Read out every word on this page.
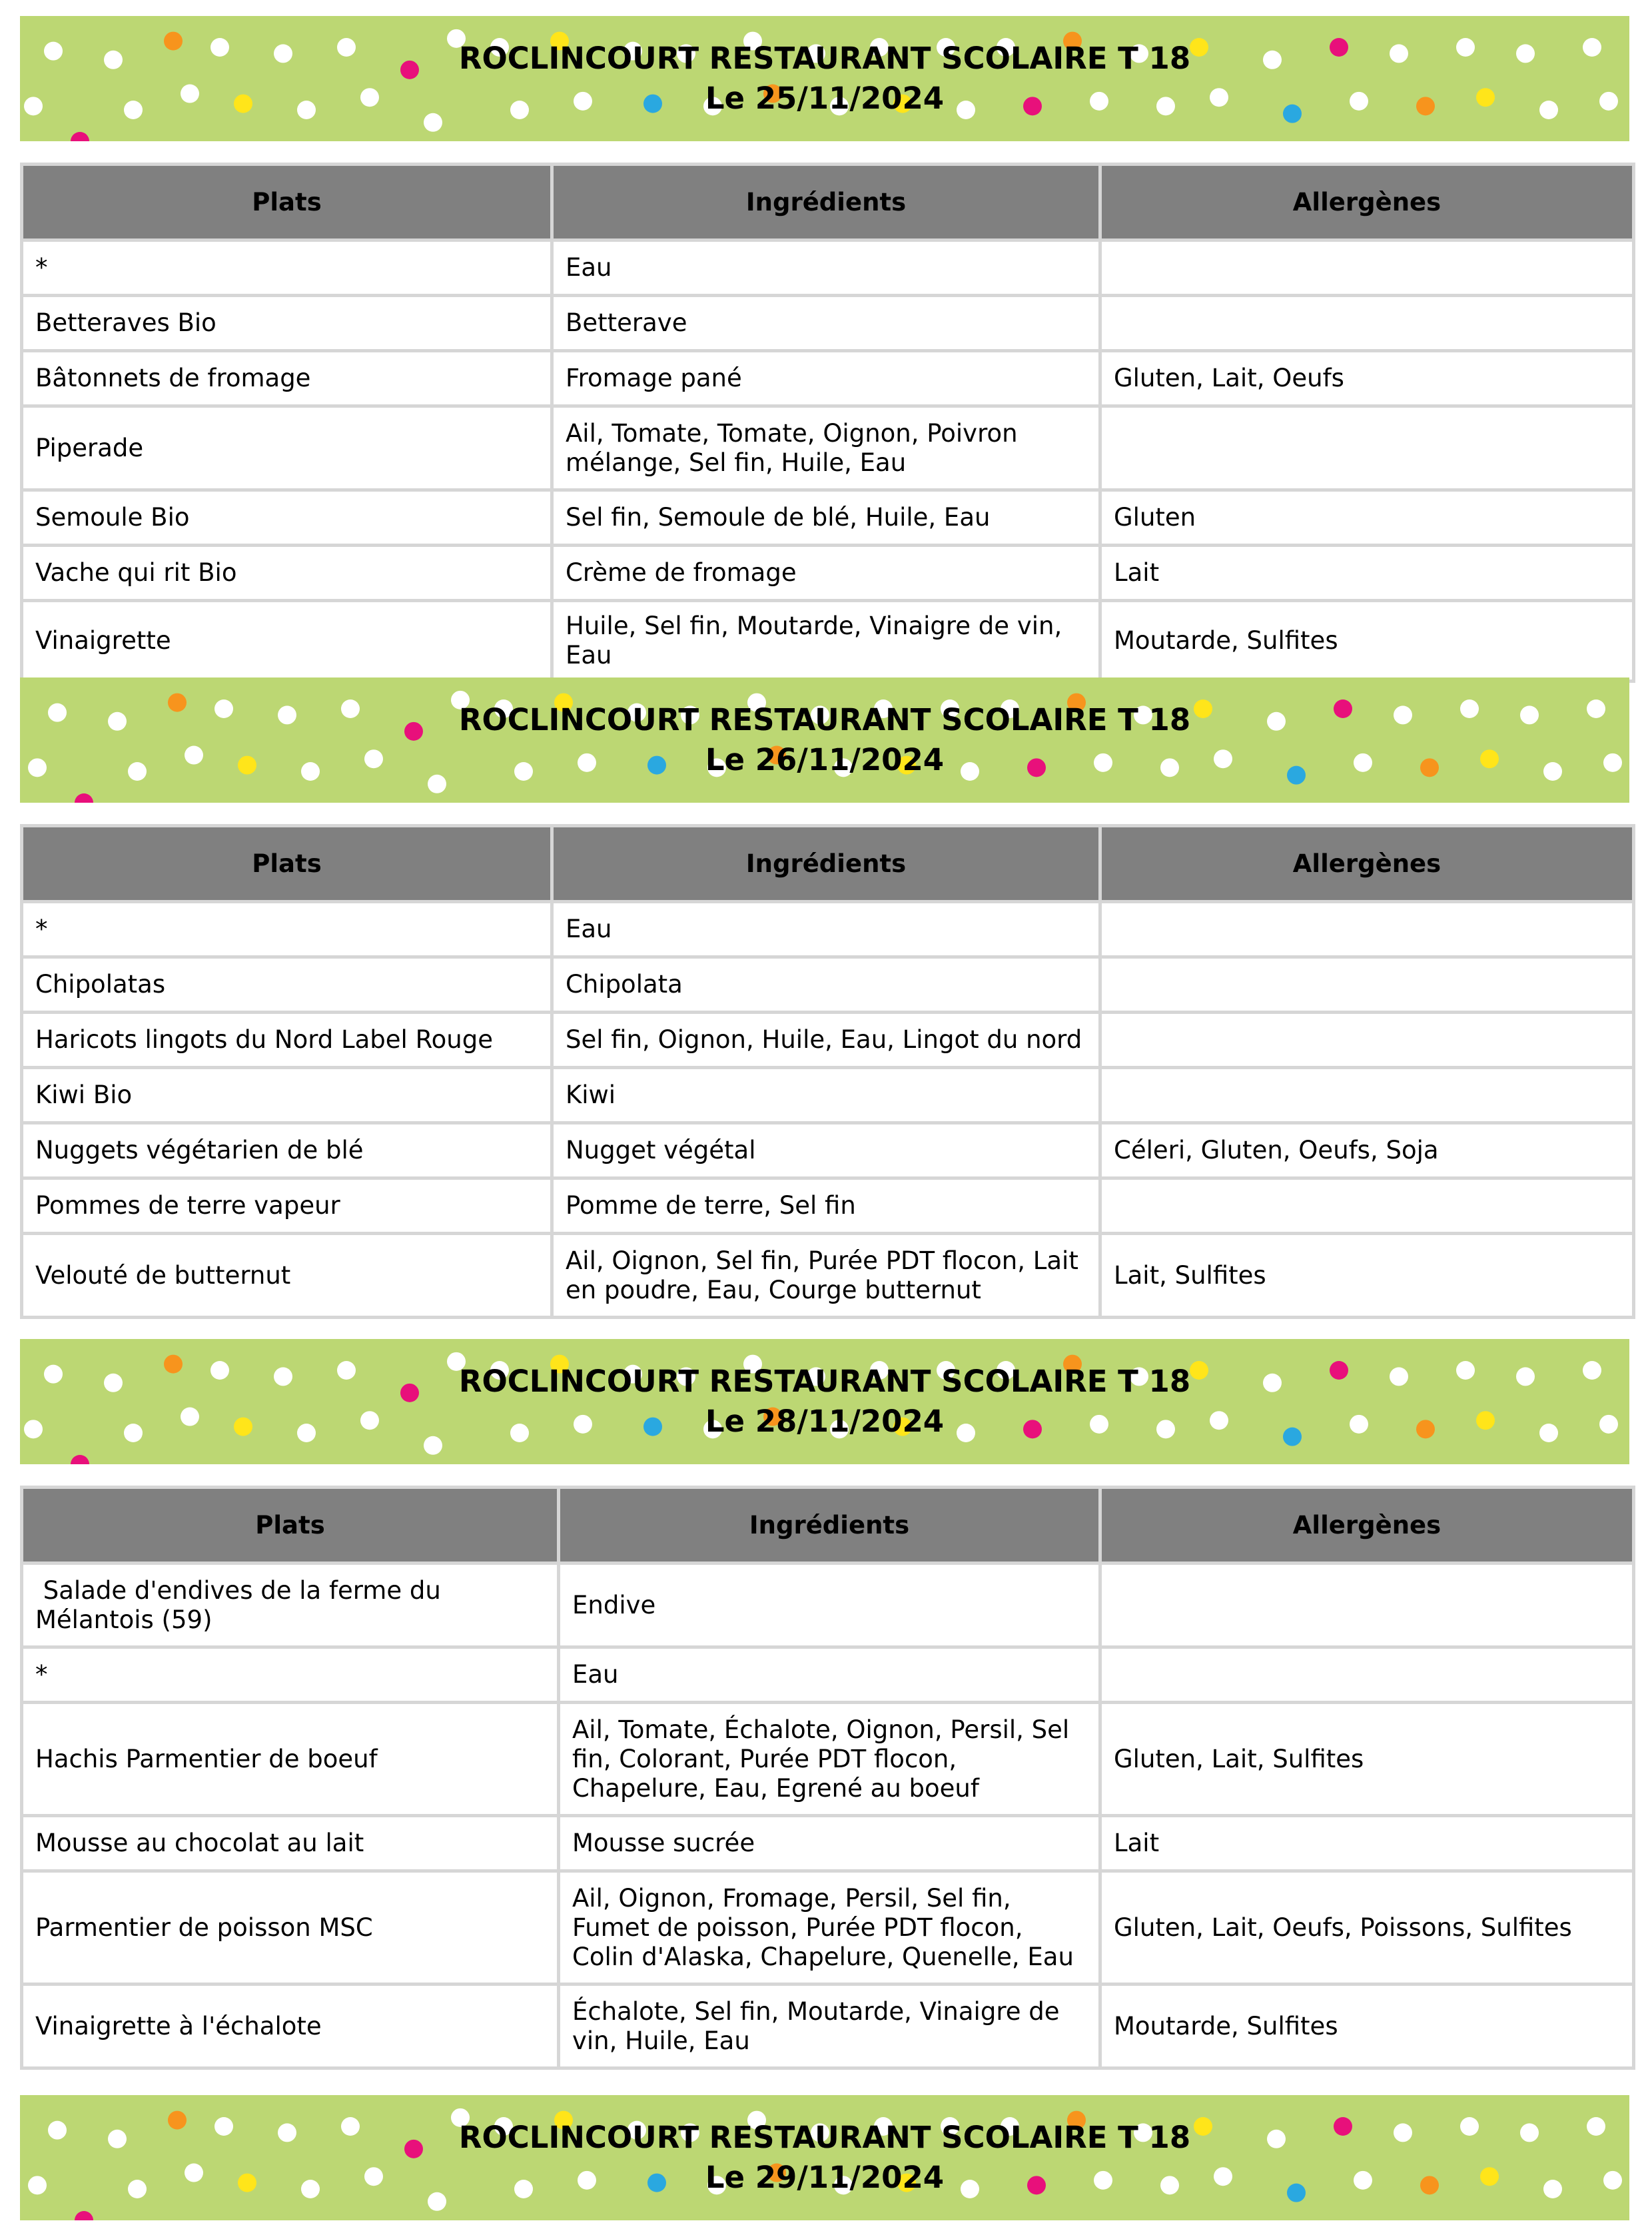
ROCLINCOURT RESTAURANT SCOLAIRE T 18
Le 25/11/2024
Plats	Ingrédients	Allergènes
*	Eau	
Betteraves Bio	Betterave	
Bâtonnets de fromage	Fromage pané	Gluten, Lait, Oeufs
Piperade	Ail, Tomate, Tomate, Oignon, Poivron mélange, Sel fin, Huile, Eau	
Semoule Bio	Sel fin, Semoule de blé, Huile, Eau	Gluten
Vache qui rit Bio	Crème de fromage	Lait
Vinaigrette	Huile, Sel fin, Moutarde, Vinaigre de vin, Eau	Moutarde, Sulfites
ROCLINCOURT RESTAURANT SCOLAIRE T 18
Le 26/11/2024
Plats	Ingrédients	Allergènes
*	Eau	
Chipolatas	Chipolata	
Haricots lingots du Nord Label Rouge	Sel fin, Oignon, Huile, Eau, Lingot du nord	
Kiwi Bio	Kiwi	
Nuggets végétarien de blé	Nugget végétal	Céleri, Gluten, Oeufs, Soja
Pommes de terre vapeur	Pomme de terre, Sel fin	
Velouté de butternut	Ail, Oignon, Sel fin, Purée PDT flocon, Lait en poudre, Eau, Courge butternut	Lait, Sulfites
ROCLINCOURT RESTAURANT SCOLAIRE T 18
Le 28/11/2024
Plats	Ingrédients	Allergènes
Salade d'endives de la ferme du Mélantois (59)	Endive	
*	Eau	
Hachis Parmentier de boeuf	Ail, Tomate, Échalote, Oignon, Persil, Sel fin, Colorant, Purée PDT flocon, Chapelure, Eau, Egrené au boeuf	Gluten, Lait, Sulfites
Mousse au chocolat au lait	Mousse sucrée	Lait
Parmentier de poisson MSC	Ail, Oignon, Fromage, Persil, Sel fin, Fumet de poisson, Purée PDT flocon, Colin d'Alaska, Chapelure, Quenelle, Eau	Gluten, Lait, Oeufs, Poissons, Sulfites
Vinaigrette à l'échalote	Échalote, Sel fin, Moutarde, Vinaigre de vin, Huile, Eau	Moutarde, Sulfites
ROCLINCOURT RESTAURANT SCOLAIRE T 18
Le 29/11/2024
